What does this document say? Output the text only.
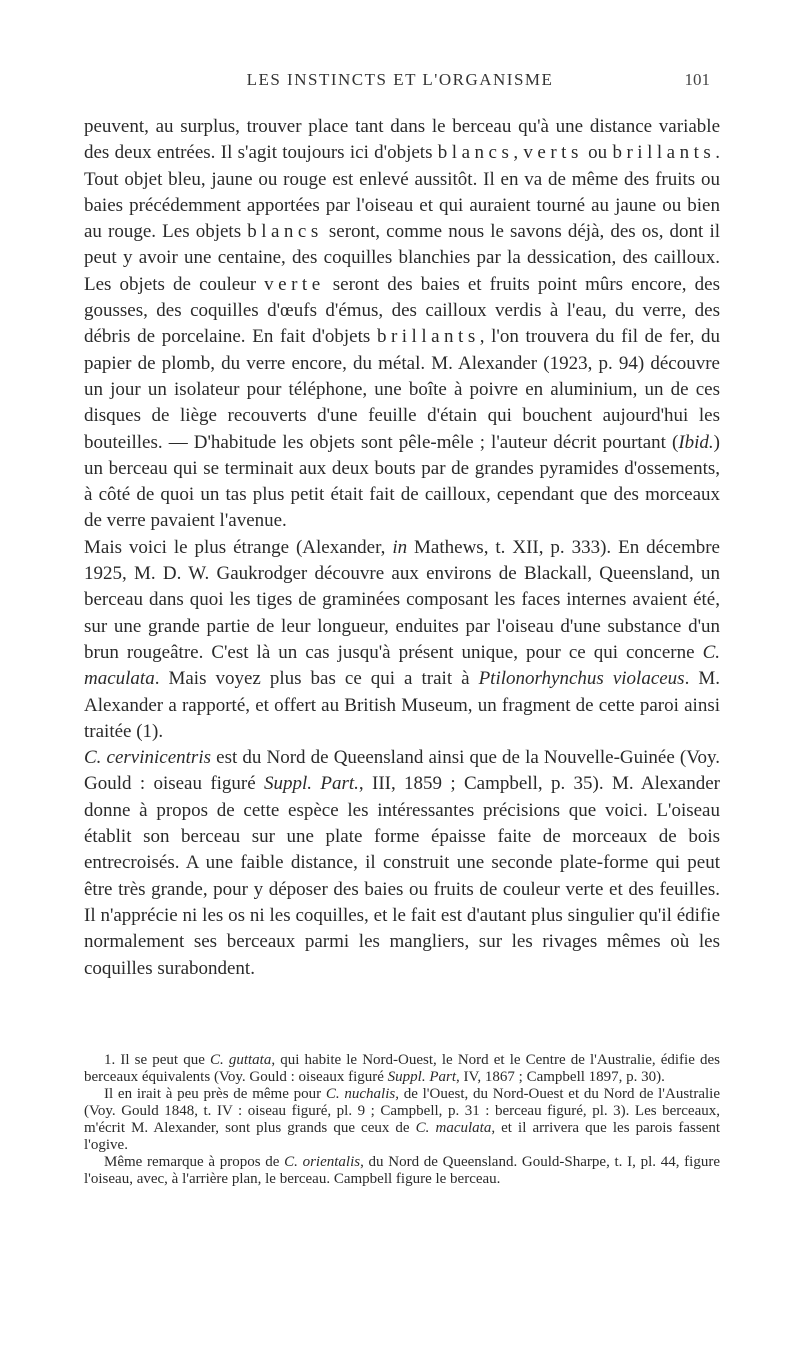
LES INSTINCTS ET L'ORGANISME	101

peuvent, au surplus, trouver place tant dans le berceau qu'à une distance variable des deux entrées. Il s'agit toujours ici d'objets blancs, verts ou brillants. Tout objet bleu, jaune ou rouge est enlevé aussitôt. Il en va de même des fruits ou baies précédemment apportées par l'oiseau et qui auraient tourné au jaune ou bien au rouge. Les objets blancs seront, comme nous le savons déjà, des os, dont il peut y avoir une centaine, des coquilles blanchies par la dessication, des cailloux. Les objets de couleur verte seront des baies et fruits point mûrs encore, des gousses, des coquilles d'œufs d'émus, des cailloux verdis à l'eau, du verre, des débris de porcelaine. En fait d'objets brillants, l'on trouvera du fil de fer, du papier de plomb, du verre encore, du métal. M. Alexander (1923, p. 94) découvre un jour un isolateur pour téléphone, une boîte à poivre en aluminium, un de ces disques de liège recouverts d'une feuille d'étain qui bouchent aujourd'hui les bouteilles. — D'habitude les objets sont pêle-mêle ; l'auteur décrit pourtant (Ibid.) un berceau qui se terminait aux deux bouts par de grandes pyramides d'ossements, à côté de quoi un tas plus petit était fait de cailloux, cependant que des morceaux de verre pavaient l'avenue.

Mais voici le plus étrange (Alexander, in Mathews, t. XII, p. 333). En décembre 1925, M. D. W. Gaukrodger découvre aux environs de Blackall, Queensland, un berceau dans quoi les tiges de graminées composant les faces internes avaient été, sur une grande partie de leur longueur, enduites par l'oiseau d'une substance d'un brun rougeâtre. C'est là un cas jusqu'à présent unique, pour ce qui concerne C. maculata. Mais voyez plus bas ce qui a trait à Ptilonorhynchus violaceus. M. Alexander a rapporté, et offert au British Museum, un fragment de cette paroi ainsi traitée (1).

C. cervinicentris est du Nord de Queensland ainsi que de la Nouvelle-Guinée (Voy. Gould : oiseau figuré Suppl. Part., III, 1859 ; Campbell, p. 35). M. Alexander donne à propos de cette espèce les intéressantes précisions que voici. L'oiseau établit son berceau sur une plate forme épaisse faite de morceaux de bois entrecroisés. A une faible distance, il construit une seconde plate-forme qui peut être très grande, pour y déposer des baies ou fruits de couleur verte et des feuilles. Il n'apprécie ni les os ni les coquilles, et le fait est d'autant plus singulier qu'il édifie normalement ses berceaux parmi les mangliers, sur les rivages mêmes où les coquilles surabondent.

1. Il se peut que C. guttata, qui habite le Nord-Ouest, le Nord et le Centre de l'Australie, édifie des berceaux équivalents (Voy. Gould : oiseaux figuré Suppl. Part, IV, 1867 ; Campbell 1897, p. 30).

Il en irait à peu près de même pour C. nuchalis, de l'Ouest, du Nord-Ouest et du Nord de l'Australie (Voy. Gould 1848, t. IV : oiseau figuré, pl. 9 ; Campbell, p. 31 : berceau figuré, pl. 3). Les berceaux, m'écrit M. Alexander, sont plus grands que ceux de C. maculata, et il arrivera que les parois fassent l'ogive.

Même remarque à propos de C. orientalis, du Nord de Queensland. Gould-Sharpe, t. I, pl. 44, figure l'oiseau, avec, à l'arrière plan, le berceau. Campbell figure le berceau.
